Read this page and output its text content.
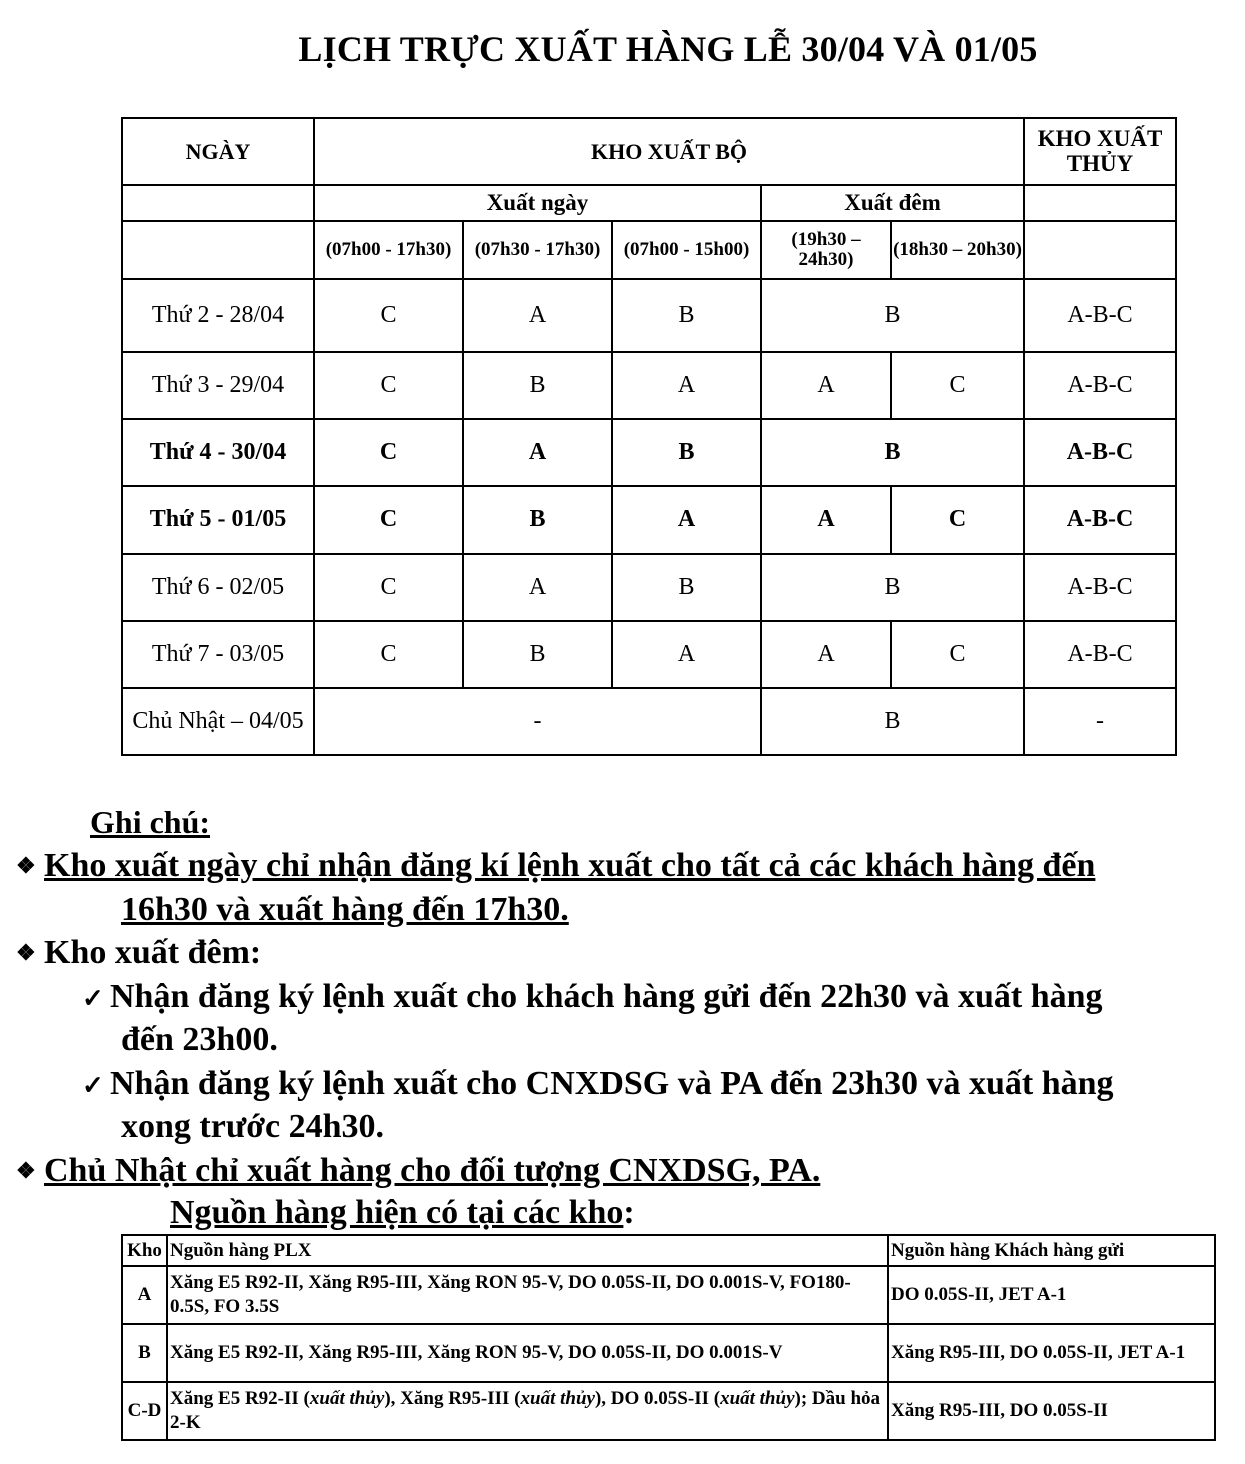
LỊCH TRỰC XUẤT HÀNG LỄ 30/04 VÀ 01/05
NGÀY	KHO XUẤT BỘ					KHO XUẤT THỦY
	Xuất ngày			Xuất đêm		
	(07h00 - 17h30)	(07h30 - 17h30)	(07h00 - 15h00)	(19h30 – 24h30)	(18h30 – 20h30)	
Thứ 2 - 28/04	C	A	B	B		A-B-C
Thứ 3 - 29/04	C	B	A	A	C	A-B-C
Thứ 4 - 30/04	C	A	B	B		A-B-C
Thứ 5 - 01/05	C	B	A	A	C	A-B-C
Thứ 6 - 02/05	C	A	B	B		A-B-C
Thứ 7 - 03/05	C	B	A	A	C	A-B-C
Chủ Nhật – 04/05	-			B		-
Ghi chú:
❖ Kho xuất ngày chỉ nhận đăng kí lệnh xuất cho tất cả các khách hàng đến
16h30 và xuất hàng đến 17h30.
❖ Kho xuất đêm:
✓ Nhận đăng ký lệnh xuất cho khách hàng gửi đến 22h30 và xuất hàng
đến 23h00.
✓ Nhận đăng ký lệnh xuất cho CNXDSG và PA đến 23h30 và xuất hàng
xong trước 24h30.
❖ Chủ Nhật chỉ xuất hàng cho đối tượng CNXDSG, PA.
Nguồn hàng hiện có tại các kho:
Kho	Nguồn hàng PLX	Nguồn hàng Khách hàng gửi
A	Xăng E5 R92-II, Xăng R95-III, Xăng RON 95-V, DO 0.05S-II, DO 0.001S-V, FO180-0.5S, FO 3.5S	DO 0.05S-II, JET A-1
B	Xăng E5 R92-II, Xăng R95-III, Xăng RON 95-V, DO 0.05S-II, DO 0.001S-V	Xăng R95-III, DO 0.05S-II, JET A-1
C-D	Xăng E5 R92-II (xuất thủy), Xăng R95-III (xuất thủy), DO 0.05S-II (xuất thủy); Dầu hỏa 2-K	Xăng R95-III, DO 0.05S-II
